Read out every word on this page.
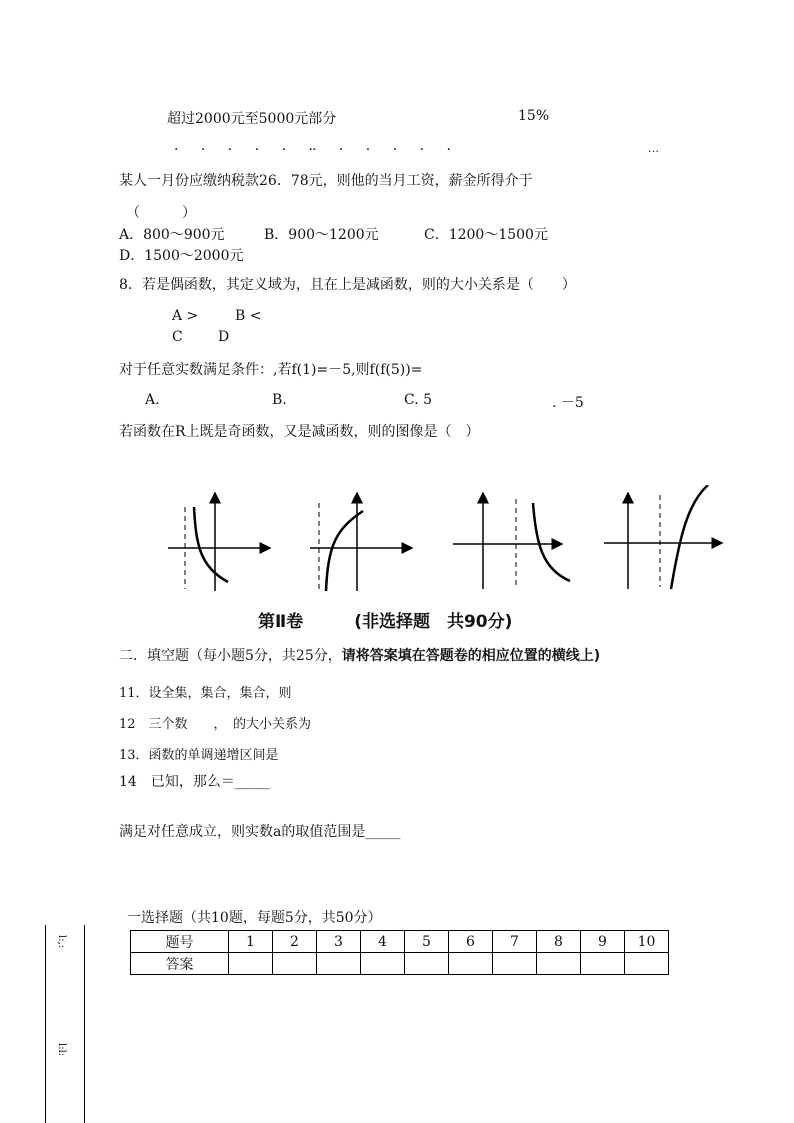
超过2000元至5000元部分	15%
· · · · · ·
· · · · · ·	…
某人一月份应缴纳税款26．78元，则他的当月工资，薪金所得介于
（　　　）
A．800～900元	B．900～1200元	C．1200～1500元
D．1500～2000元
8．若是偶函数，其定义域为，且在上是减函数，则的大小关系是（　　）
A >	B <
C	D
对于任意实数满足条件：,若f(1)=－5,则f(f(5))=
A.	B.	C. 5	. －5
若函数在R上既是奇函数，又是减函数，则的图像是（　）
第Ⅱ卷　　　(非选择题　共90分)
二．填空题（每小题5分，共25分，请将答案填在答题卷的相应位置的横线上)
11．设全集，集合，集合，则
12　三个数　　，　的大小关系为
13．函数的单调递增区间是
14　已知，那么＝_____
满足对任意成立，则实数a的取值范围是_____
一选择题（共10题，每题5分，共50分）
题号	1	2	3	4	5	6	7	8	9	10
答案										
l:,:
l:l:
